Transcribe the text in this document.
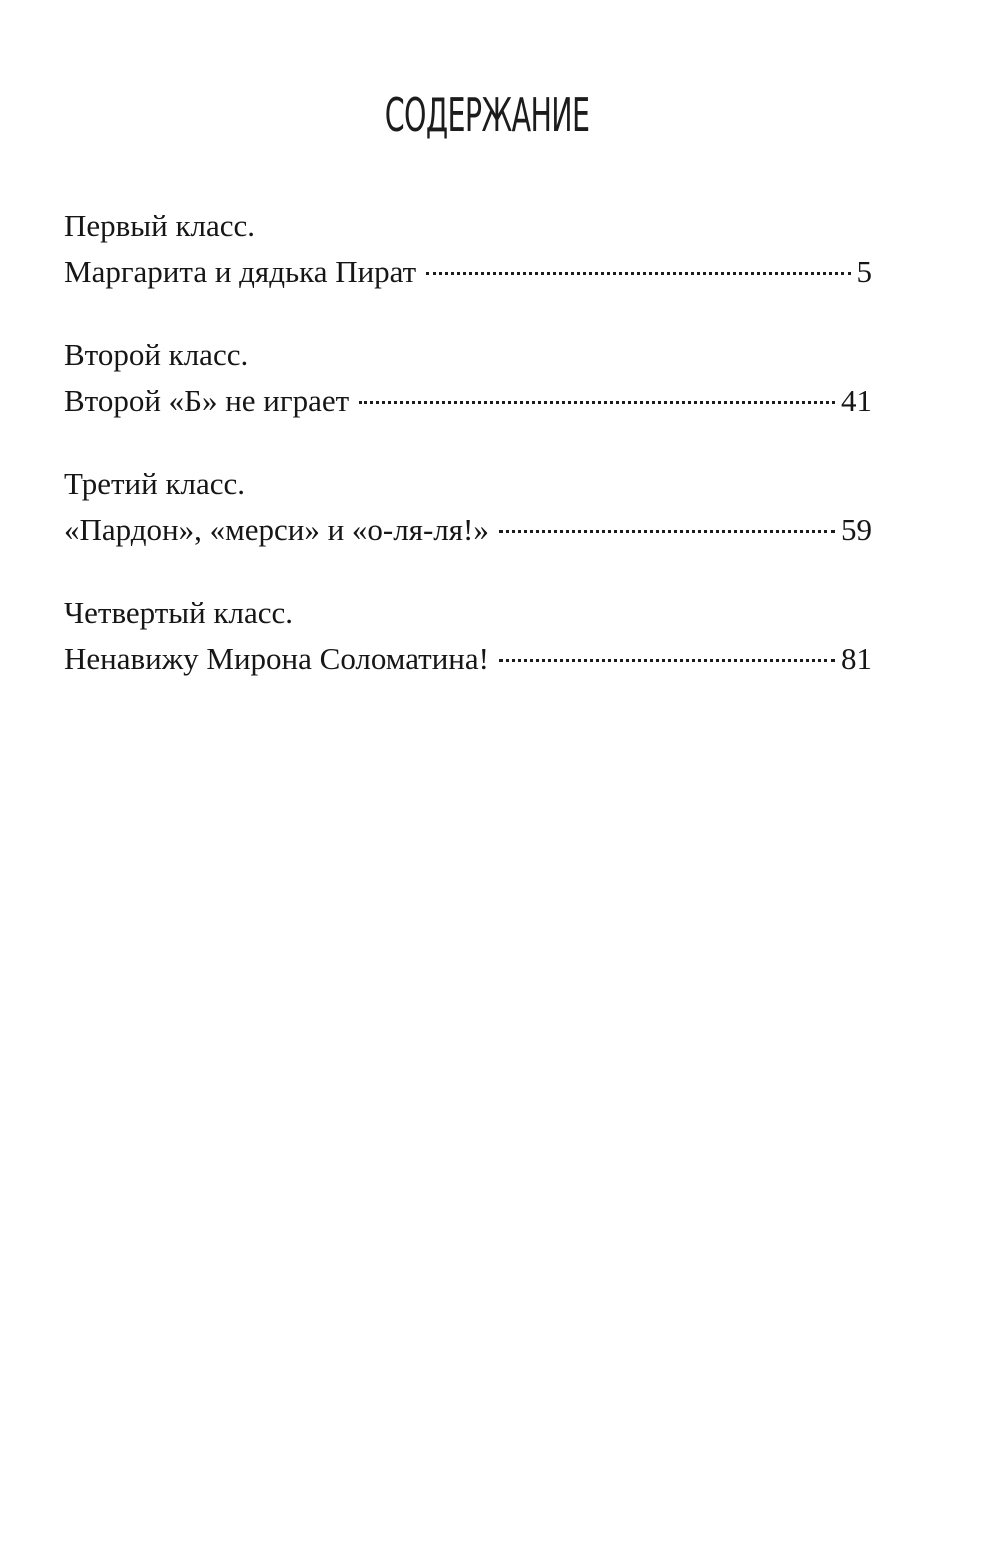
СОДЕРЖАНИЕ
Первый класс.
Маргарита и дядька Пират	5
Второй класс.
Второй «Б» не играет	41
Третий класс.
«Пардон», «мерси» и «о-ля-ля!»	59
Четвертый класс.
Ненавижу Мирона Соломатина!	81
